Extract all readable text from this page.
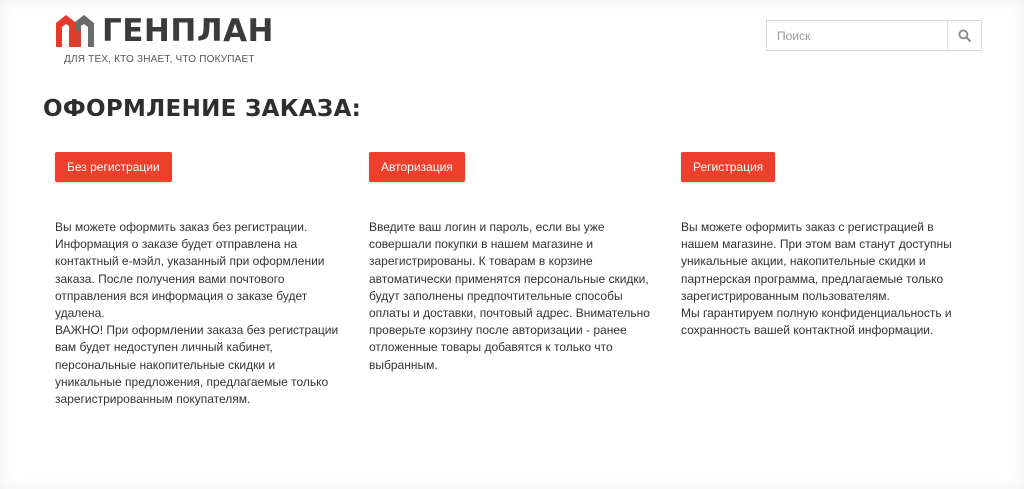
ГЕНПЛАН
ДЛЯ ТЕХ, КТО ЗНАЕТ, ЧТО ПОКУПАЕТ
Поиск
ОФОРМЛЕНИЕ ЗАКАЗА:
Без регистрации

Вы можете оформить заказ без регистрации. Информация о заказе будет отправлена на контактный e-мэйл, указанный при оформлении заказа. После получения вами почтового отправления вся информация о заказе будет удалена.

ВАЖНО! При оформлении заказа без регистрации вам будет недоступен личный кабинет, персональные накопительные скидки и уникальные предложения, предлагаемые только зарегистрированным покупателям.

Авторизация

Введите ваш логин и пароль, если вы уже совершали покупки в нашем магазине и зарегистрированы. К товарам в корзине автоматически применятся персональные скидки, будут заполнены предпочтительные способы оплаты и доставки, почтовый адрес. Внимательно проверьте корзину после авторизации - ранее отложенные товары добавятся к только что выбранным.

Регистрация

Вы можете оформить заказ с регистрацией в нашем магазине. При этом вам станут доступны уникальные акции, накопительные скидки и партнерская программа, предлагаемые только зарегистрированным пользователям.

Мы гарантируем полную конфиденциальность и сохранность вашей контактной информации.
